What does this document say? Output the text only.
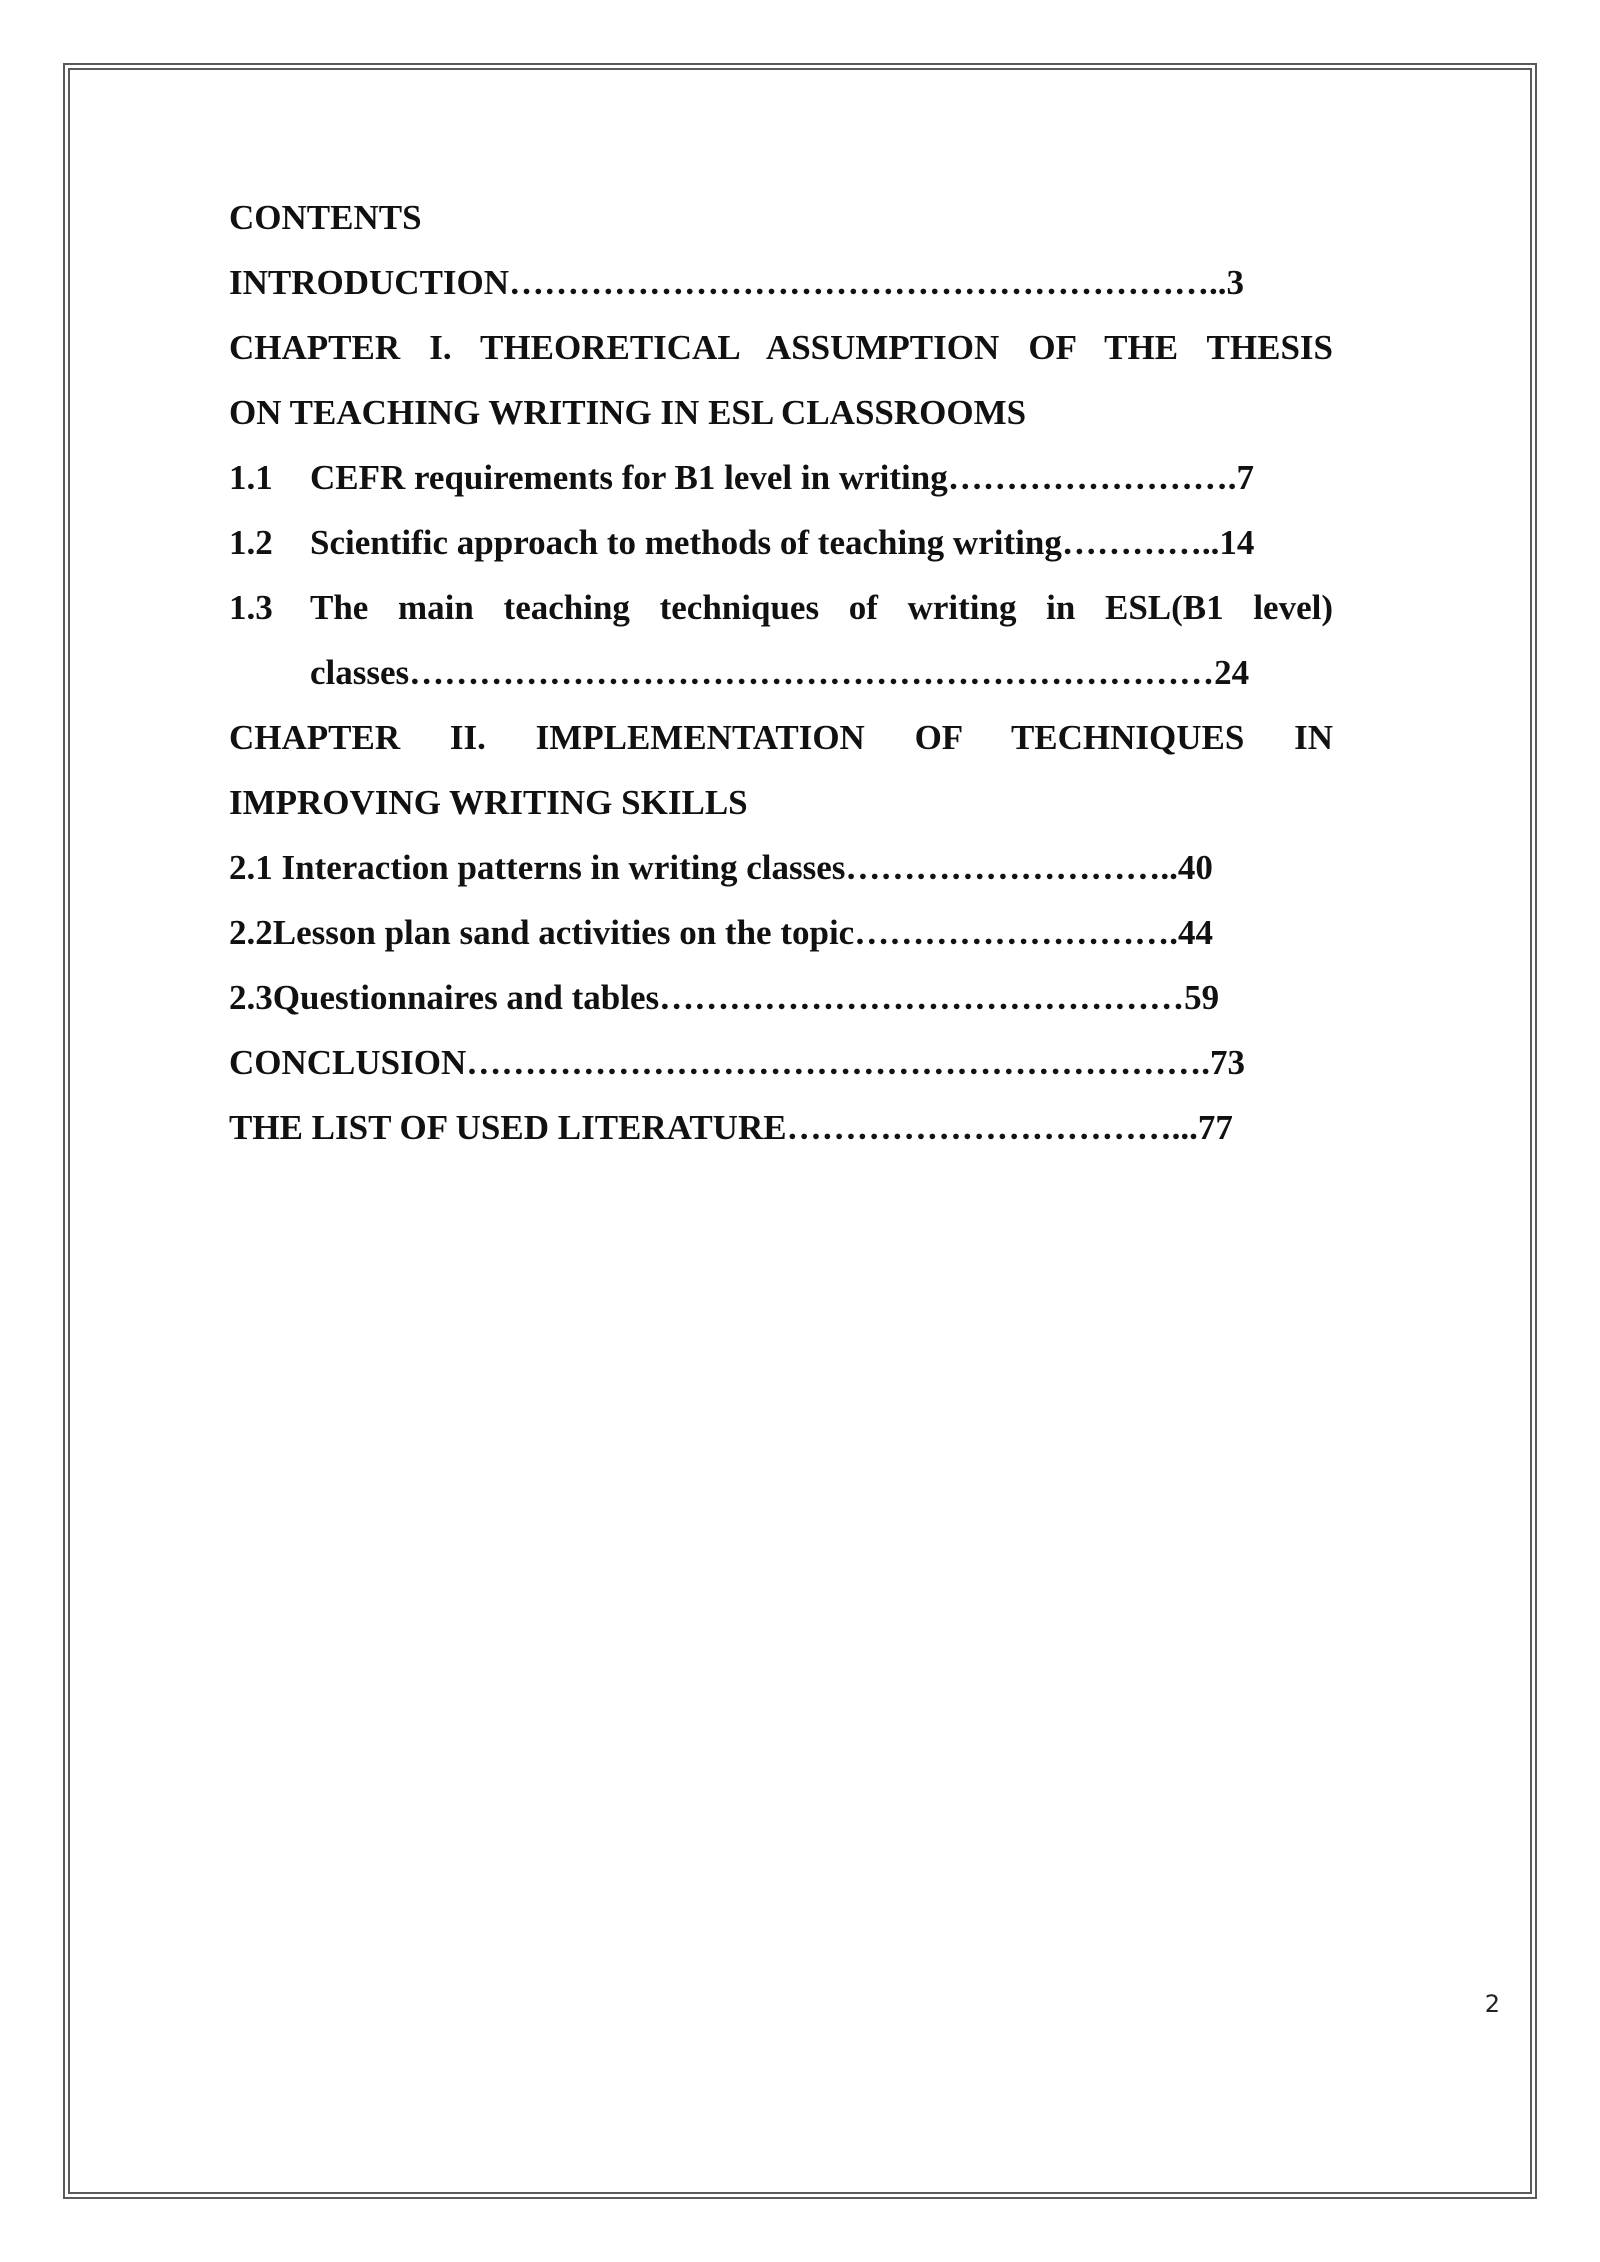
CONTENTS
INTRODUCTION……………………………………………………..3
CHAPTER I. THEORETICAL ASSUMPTION OF THE THESIS
ON TEACHING WRITING IN ESL CLASSROOMS
1.1	CEFR requirements for B1 level in writing…………………….7
1.2	Scientific approach to methods of teaching writing…………..14
1.3	The main teaching techniques of writing in ESL(B1 level)
classes……………………………………………………………24
CHAPTER II. IMPLEMENTATION OF TECHNIQUES IN
IMPROVING WRITING SKILLS
2.1 Interaction patterns in writing classes………………………..40
2.2Lesson plan sand activities on the topic……………………….44
2.3Questionnaires and tables………………………………………59
CONCLUSION……………………………………………………….73
THE LIST OF USED LITERATURE……………………………...77
2
